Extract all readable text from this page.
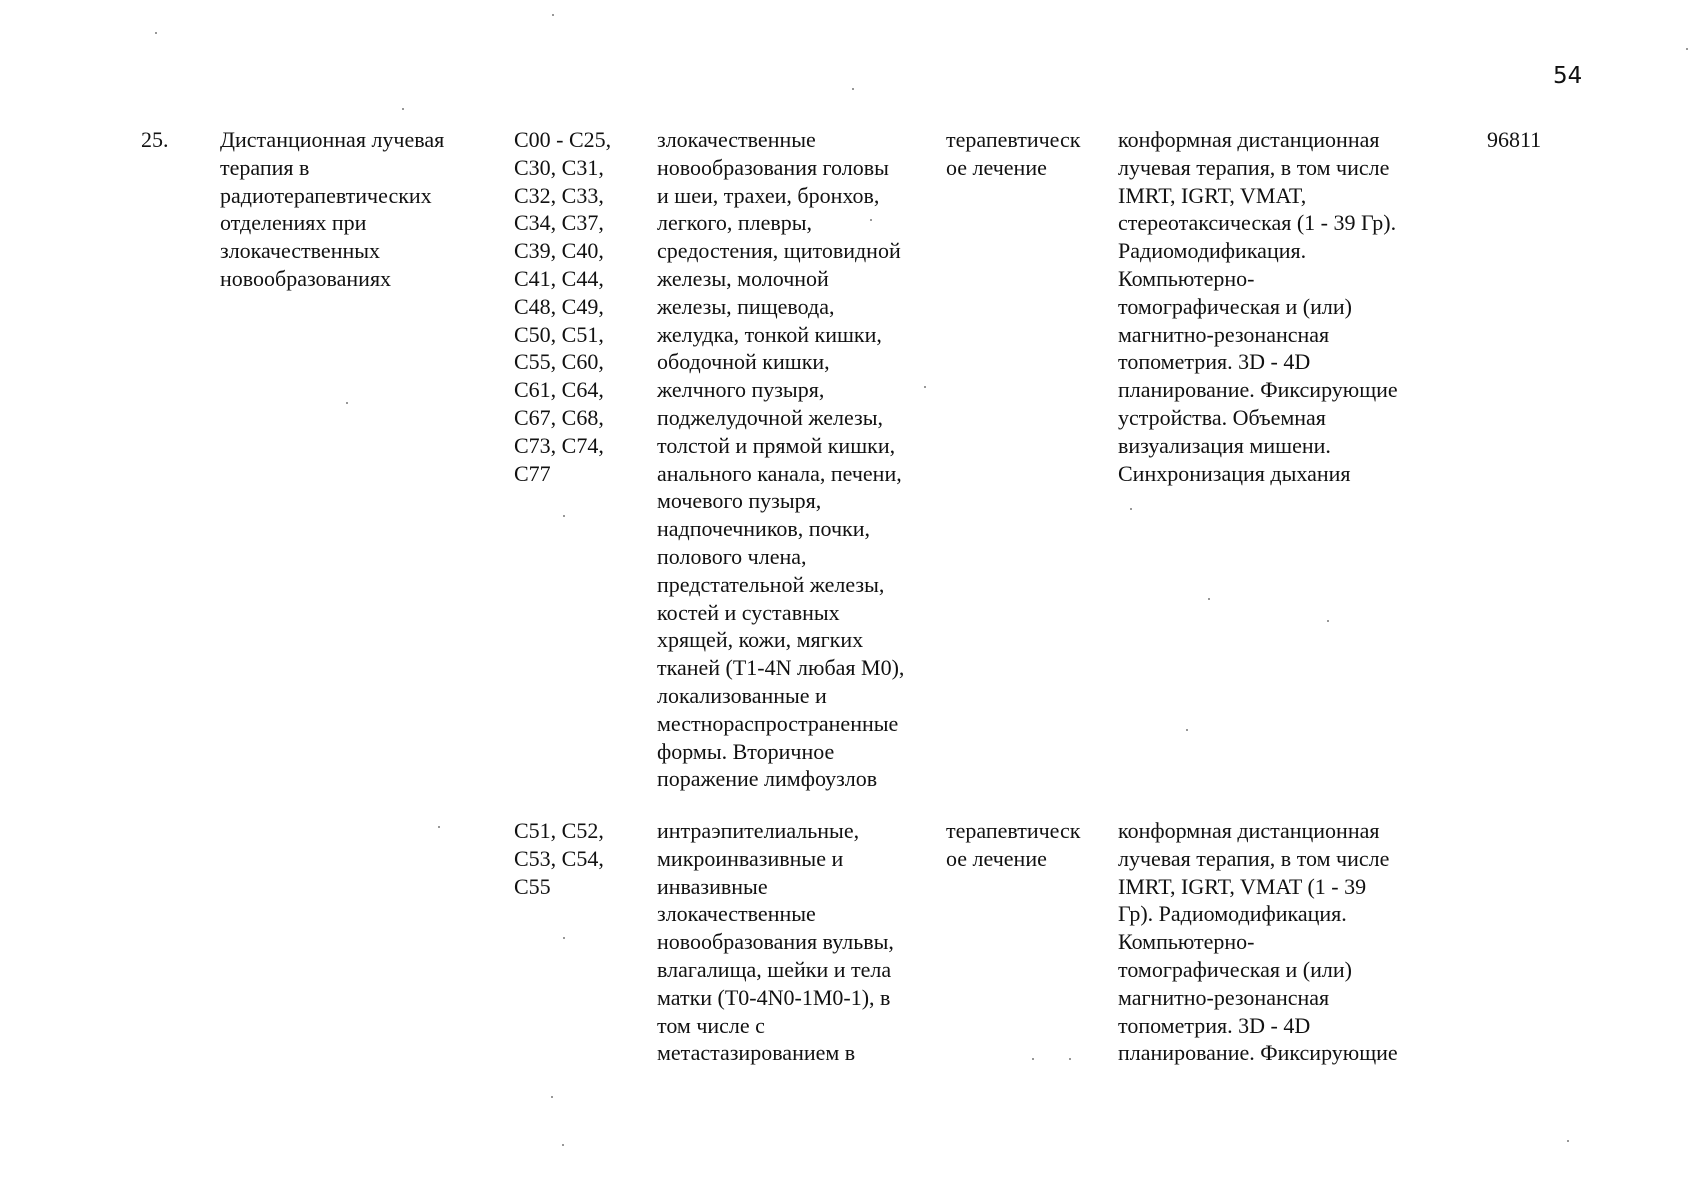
54
25. Дистанционная лучевая
терапия в
радиотерапевтических
отделениях при
злокачественных
новообразованиях
96811
C00 - C25,
C30, C31,
C32, C33,
C34, C37,
C39, C40,
C41, C44,
C48, C49,
C50, C51,
C55, C60,
C61, C64,
C67, C68,
C73, C74,
C77
злокачественные
новообразования головы
и шеи, трахеи, бронхов,
легкого, плевры,
средостения, щитовидной
железы, молочной
железы, пищевода,
желудка, тонкой кишки,
ободочной кишки,
желчного пузыря,
поджелудочной железы,
толстой и прямой кишки,
анального канала, печени,
мочевого пузыря,
надпочечников, почки,
полового члена,
предстательной железы,
костей и суставных
хрящей, кожи, мягких
тканей (T1-4N любая M0),
локализованные и
местнораспространенные
формы. Вторичное
поражение лимфоузлов
терапевтическ
ое лечение
конформная дистанционная
лучевая терапия, в том числе
IMRT, IGRT, VMAT,
стереотаксическая (1 - 39 Гр).
Радиомодификация.
Компьютерно-
томографическая и (или)
магнитно-резонансная
топометрия. 3D - 4D
планирование. Фиксирующие
устройства. Объемная
визуализация мишени.
Синхронизация дыхания
C51, C52,
C53, C54,
C55
интраэпителиальные,
микроинвазивные и
инвазивные
злокачественные
новообразования вульвы,
влагалища, шейки и тела
матки (T0-4N0-1M0-1), в
том числе с
метастазированием в
терапевтическ
ое лечение
конформная дистанционная
лучевая терапия, в том числе
IMRT, IGRT, VMAT (1 - 39
Гр). Радиомодификация.
Компьютерно-
томографическая и (или)
магнитно-резонансная
топометрия. 3D - 4D
планирование. Фиксирующие
